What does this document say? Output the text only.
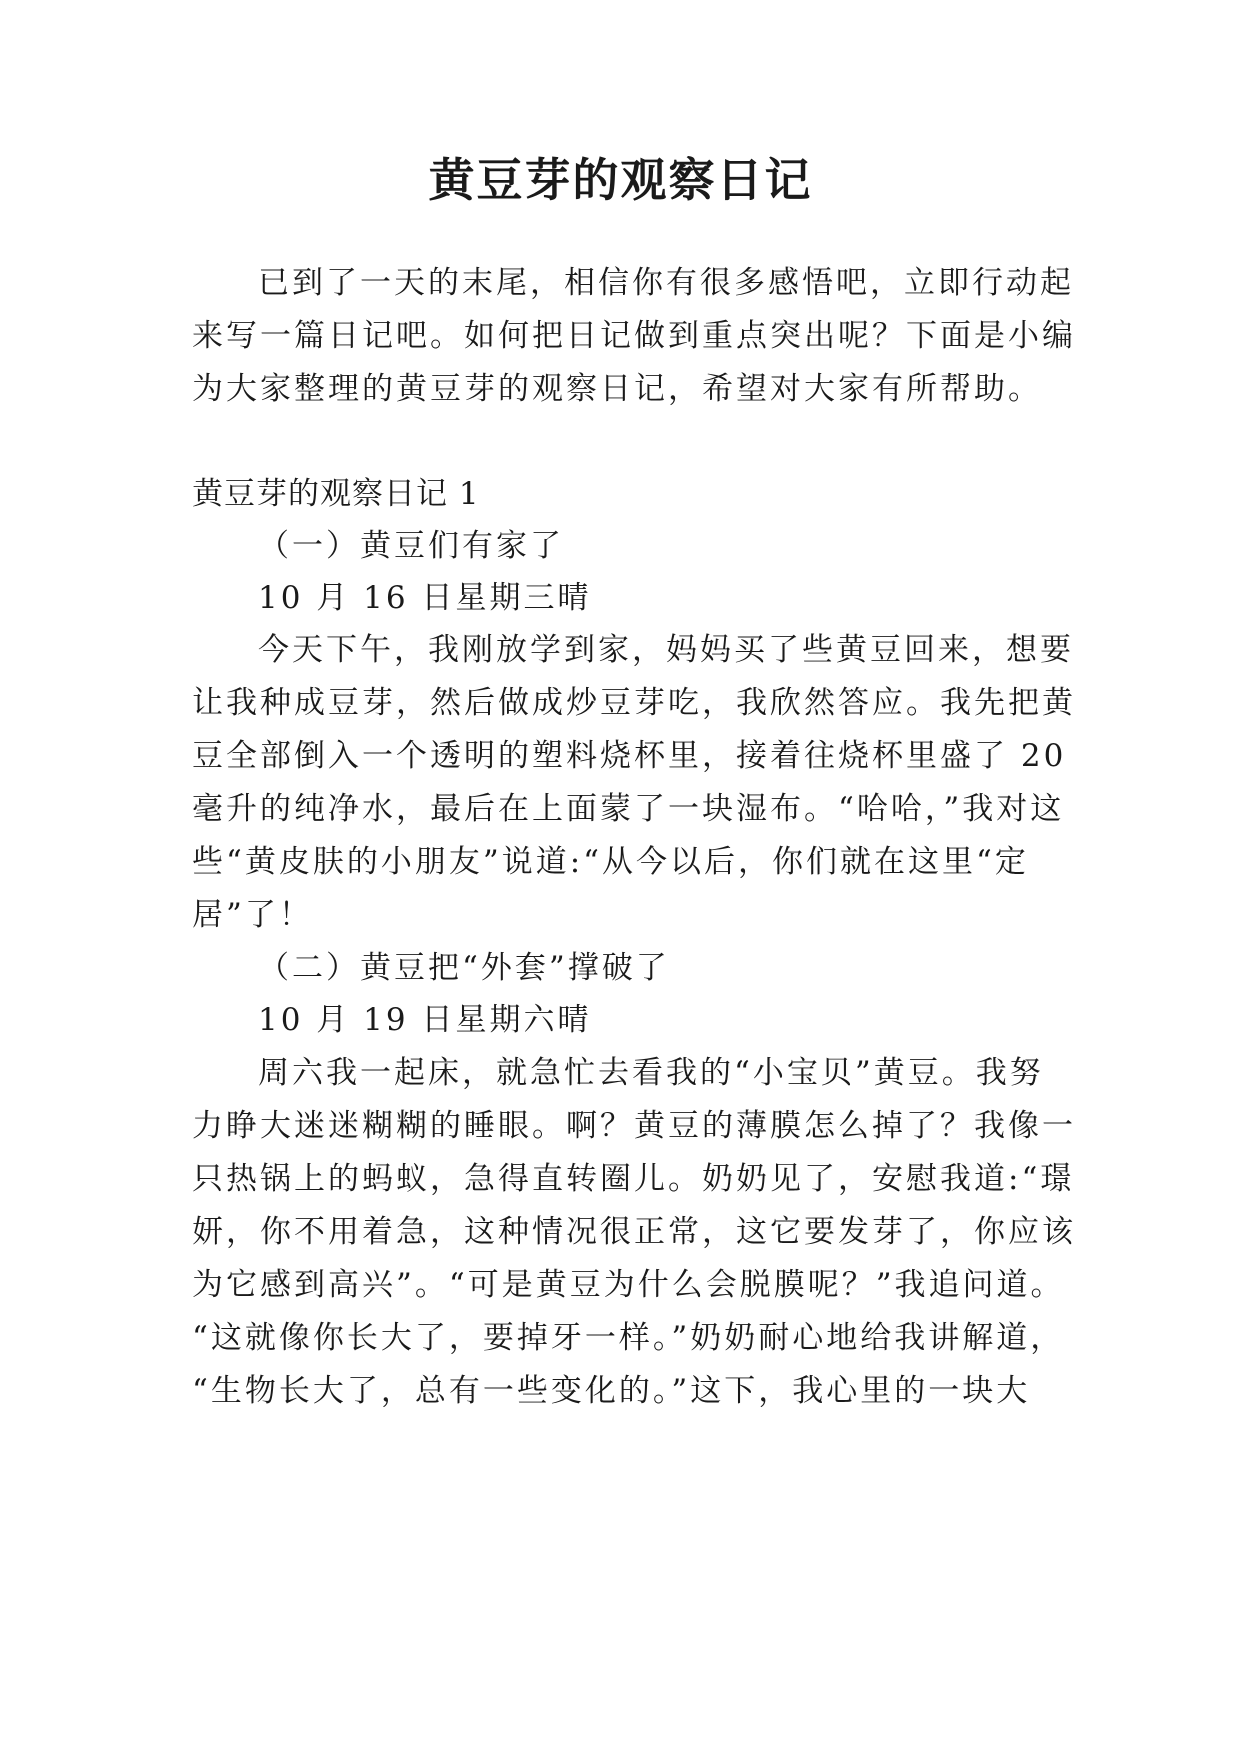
黄豆芽的观察日记
已到了一天的末尾，相信你有很多感悟吧，立即行动起
来写一篇日记吧。如何把日记做到重点突出呢？下面是小编
为大家整理的黄豆芽的观察日记，希望对大家有所帮助。
黄豆芽的观察日记 1
（一）黄豆们有家了
10 月 16 日星期三晴
今天下午，我刚放学到家，妈妈买了些黄豆回来，想要
让我种成豆芽，然后做成炒豆芽吃，我欣然答应。我先把黄
豆全部倒入一个透明的塑料烧杯里，接着往烧杯里盛了 20
毫升的纯净水，最后在上面蒙了一块湿布。“哈哈，”我对这
些“黄皮肤的小朋友”说道:“从今以后，你们就在这里“定
居”了！
（二）黄豆把“外套”撑破了
10 月 19 日星期六晴
周六我一起床，就急忙去看我的“小宝贝”黄豆。我努
力睁大迷迷糊糊的睡眼。啊？黄豆的薄膜怎么掉了？我像一
只热锅上的蚂蚁，急得直转圈儿。奶奶见了，安慰我道:“璟
妍，你不用着急，这种情况很正常，这它要发芽了，你应该
为它感到高兴”。“可是黄豆为什么会脱膜呢？”我追问道。
“这就像你长大了，要掉牙一样。”奶奶耐心地给我讲解道，
“生物长大了，总有一些变化的。”这下，我心里的一块大
